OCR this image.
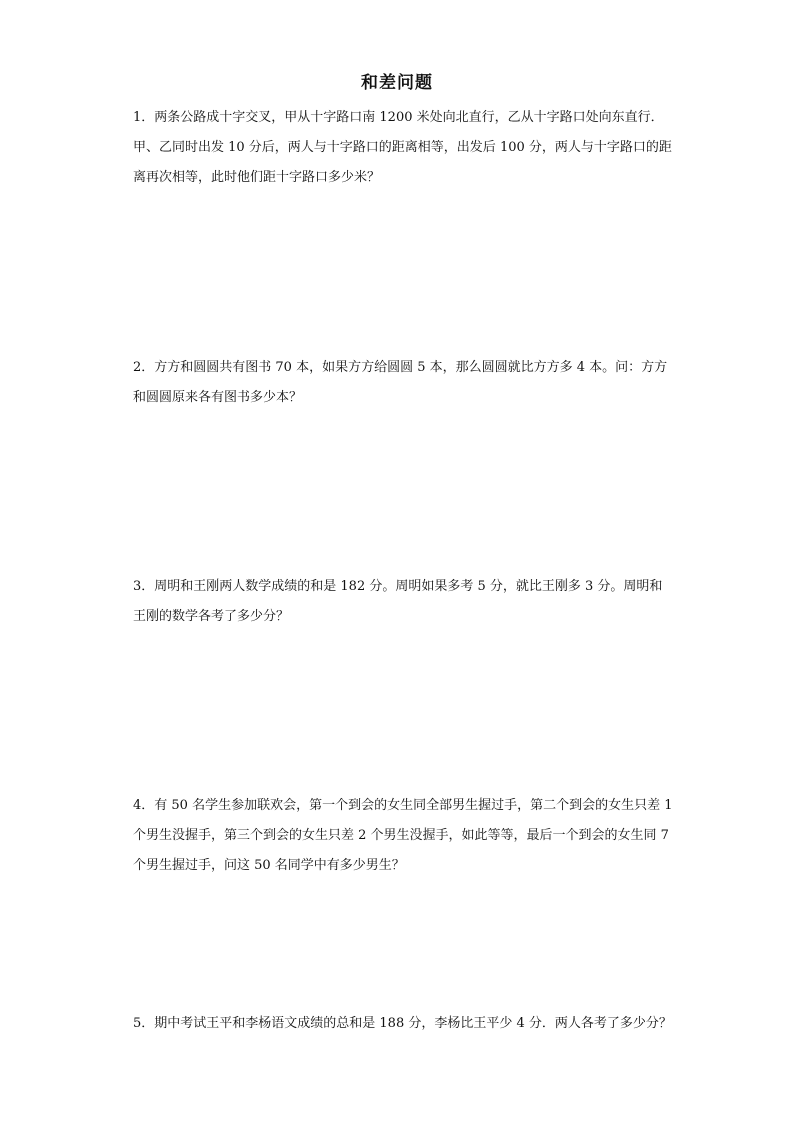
和差问题
1．两条公路成十字交叉，甲从十字路口南 1200 米处向北直行，乙从十字路口处向东直行．甲、乙同时出发 10 分后，两人与十字路口的距离相等，出发后 100 分，两人与十字路口的距离再次相等，此时他们距十字路口多少米？
2．方方和圆圆共有图书 70 本，如果方方给圆圆 5 本，那么圆圆就比方方多 4 本。问：方方和圆圆原来各有图书多少本？
3．周明和王刚两人数学成绩的和是 182 分。周明如果多考 5 分，就比王刚多 3 分。周明和王刚的数学各考了多少分？
4．有 50 名学生参加联欢会，第一个到会的女生同全部男生握过手，第二个到会的女生只差 1 个男生没握手，第三个到会的女生只差 2 个男生没握手，如此等等，最后一个到会的女生同 7 个男生握过手，问这 50 名同学中有多少男生？
5．期中考试王平和李杨语文成绩的总和是 188 分，李杨比王平少 4 分．两人各考了多少分？
